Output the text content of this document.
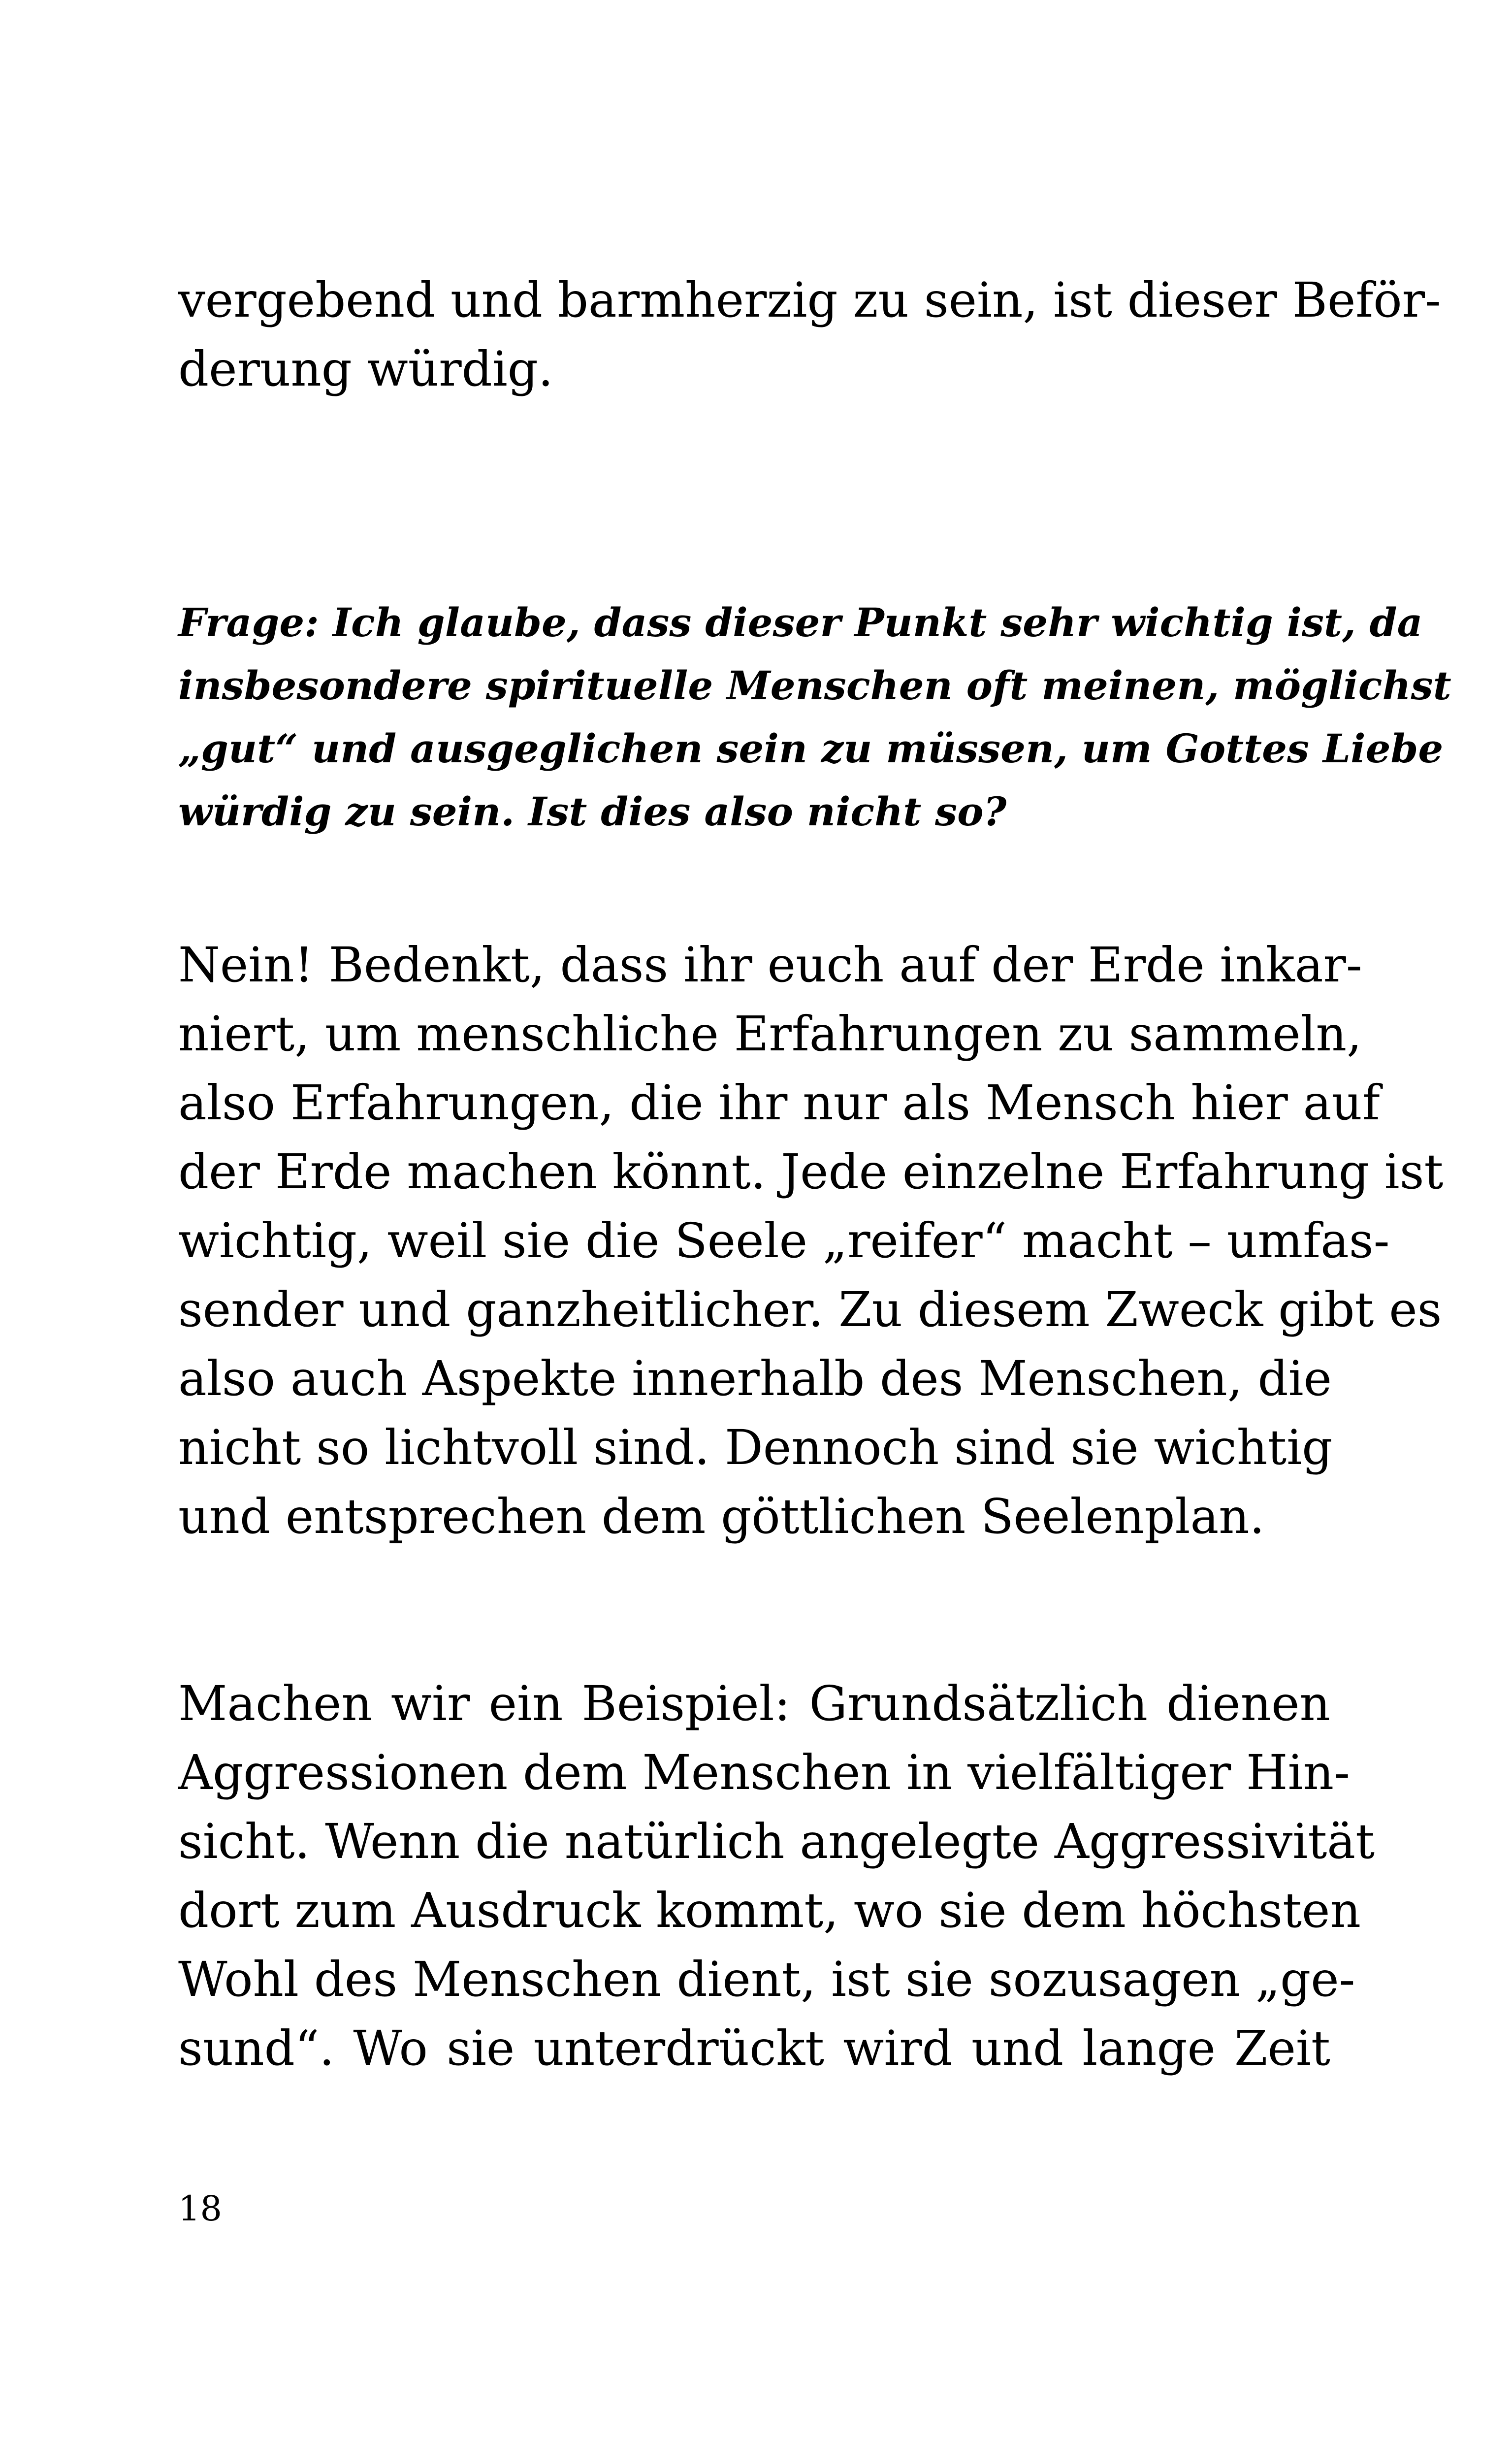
vergebend und barmherzig zu sein, ist dieser Beför-
derung würdig.
Frage: Ich glaube, dass dieser Punkt sehr wichtig ist, da
insbesondere spirituelle Menschen oft meinen, möglichst
„gut“ und ausgeglichen sein zu müssen, um Gottes Liebe
würdig zu sein. Ist dies also nicht so?
Nein! Bedenkt, dass ihr euch auf der Erde inkar-
niert, um menschliche Erfahrungen zu sammeln,
also Erfahrungen, die ihr nur als Mensch hier auf
der Erde machen könnt. Jede einzelne Erfahrung ist
wichtig, weil sie die Seele „reifer“ macht – umfas-
sender und ganzheitlicher. Zu diesem Zweck gibt es
also auch Aspekte innerhalb des Menschen, die
nicht so lichtvoll sind. Dennoch sind sie wichtig
und entsprechen dem göttlichen Seelenplan.
Machen wir ein Beispiel: Grundsätzlich dienen
Aggressionen dem Menschen in vielfältiger Hin-
sicht. Wenn die natürlich angelegte Aggressivität
dort zum Ausdruck kommt, wo sie dem höchsten
Wohl des Menschen dient, ist sie sozusagen „ge-
sund“. Wo sie unterdrückt wird und lange Zeit
18
